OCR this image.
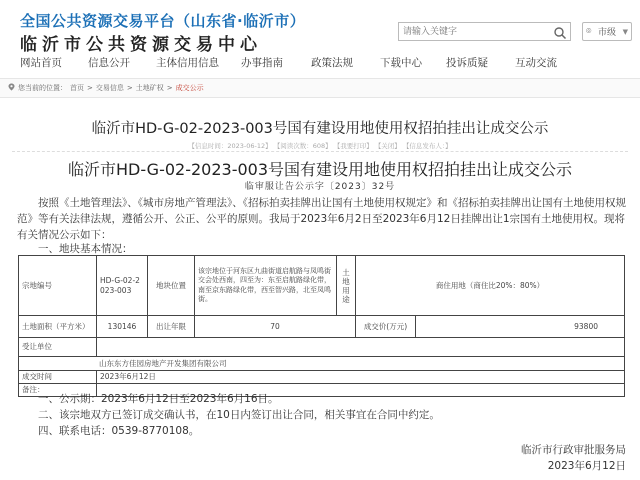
全国公共资源交易平台（山东省·临沂市）
临沂市公共资源交易中心
请输入关键字
⌾ 市级 ▼
网站首页 信息公开 主体信用信息 办事指南	政策法规	下载中心 投诉质疑	互动交流
您当前的位置： 首页 > 交易信息 > 土地矿权 > 成交公示
临沂市HD-G-02-2023-003号国有建设用地使用权招拍挂出让成交公示
【信息时间：2023-06-12】 【阅读次数：608】 【我要打印】 【关闭】 【信息发布人：】
临沂市HD-G-02-2023-003号国有建设用地使用权招拍挂出让成交公示
临审服让告公示字〔2023〕32号
按照《土地管理法》、《城市房地产管理法》、《招标拍卖挂牌出让国有土地使用权规定》和《招标拍卖挂牌出让国有土地使用权规范》等有关法律法规，遵循公开、公正、公平的原则。我局于2023年6月2日至2023年6月12日挂牌出让1宗国有土地使用权。现将有关情况公示如下：
一、地块基本情况：
宗地编号	HD-G-02-2023-003	地块位置	该宗地位于河东区九曲街道启航路与凤鸣街交会处西南，四至为：东至启航路绿化带，南至京东路绿化带，西至智兴路，北至凤鸣街。	土地用途	商住用地（商住比20%：80%）	
土地面积（平方米）	130146	出让年限	70		成交价(万元)	93800
受让单位						
山东东方佳园房地产开发集团有限公司						
成交时间	2023年6月12日					
备注：						
一、公示期：2023年6月12日至2023年6月16日。
二、该宗地双方已签订成交确认书，在10日内签订出让合同，相关事宜在合同中约定。
四、联系电话：0539-8770108。
临沂市行政审批服务局
2023年6月12日
